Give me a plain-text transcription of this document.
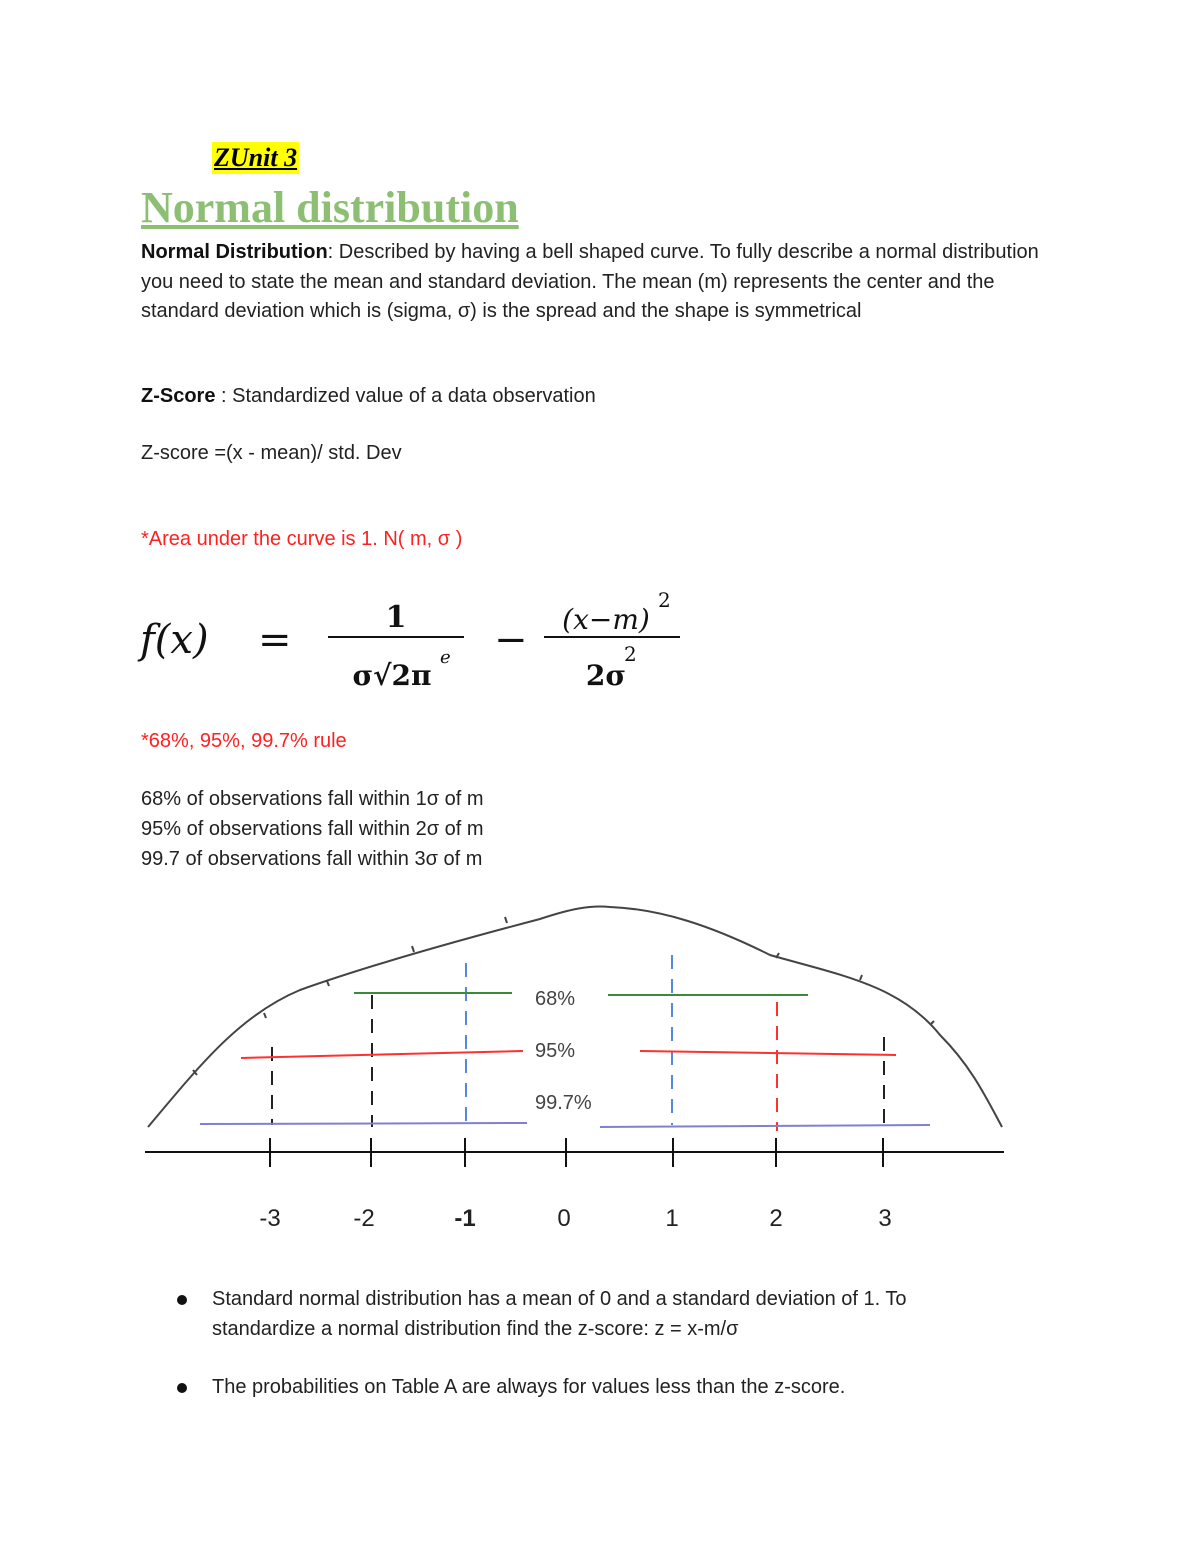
ZUnit 3
Normal distribution

Normal Distribution: Described by having a bell shaped curve. To fully describe a normal distribution you need to state the mean and standard deviation. The mean (m) represents the center and the standard deviation which is (sigma, σ) is the spread and the shape is symmetrical

Z-Score : Standardized value of a data observation

Z-score =(x - mean)/ std. Dev

*Area under the curve is 1. N( m, σ )

f(x) =	1
σ√2π
e − (x−m)
2
2σ
2

*68%, 95%, 99.7% rule

68% of observations fall within 1σ of m

95% of observations fall within 2σ of m

99.7 of observations fall within 3σ of m

68%
95%
99.7%
-3	-2	-1	0	1	2	3
Standard normal distribution has a mean of 0 and a standard deviation of 1. To standardize a normal distribution find the z-score: z = x-m/σ
The probabilities on Table A are always for values less than the z-score.
